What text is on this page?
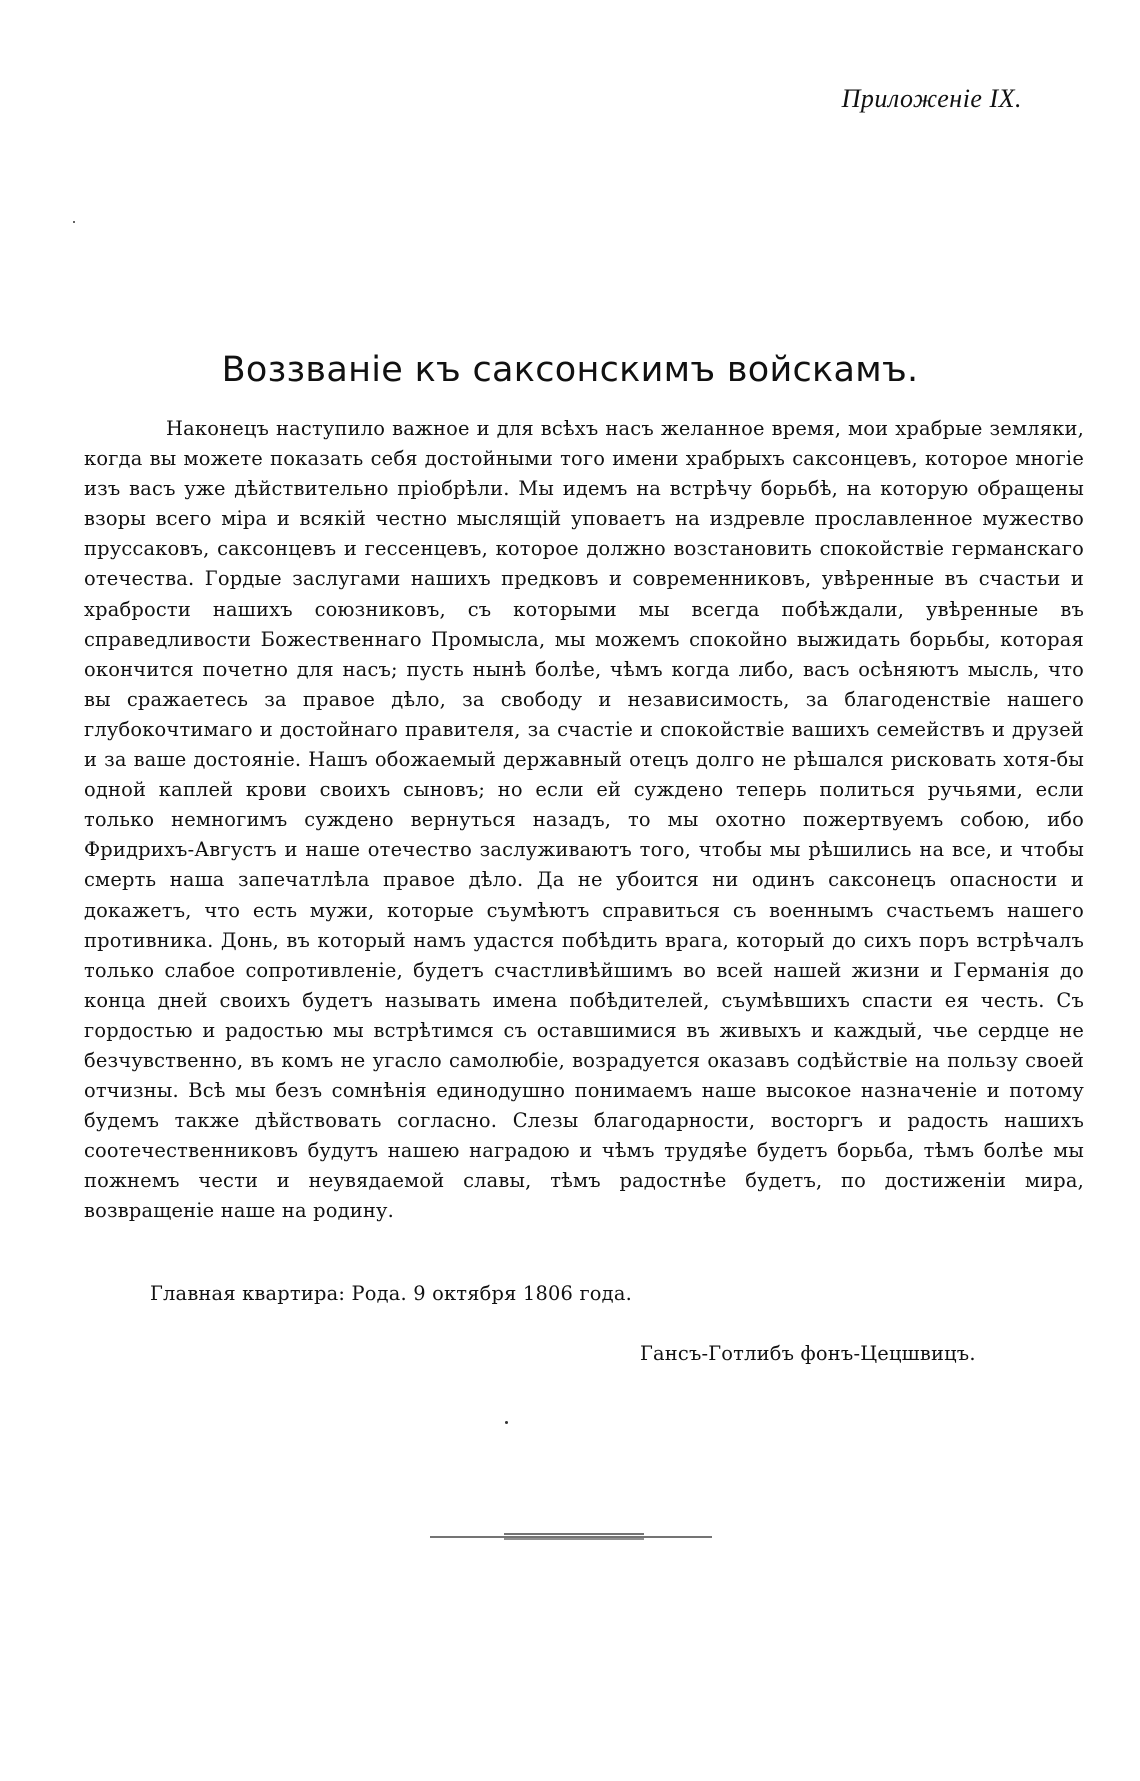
Приложеніе IX.
Воззваніе къ саксонскимъ войскамъ.

Наконецъ наступило важное и для всѣхъ насъ желанное время, мои храбрые земляки, когда вы можете показать себя достойными того имени храбрыхъ саксонцевъ, которое многіе изъ васъ уже дѣйствительно пріобрѣли. Мы идемъ на встрѣчу борьбѣ, на которую обращены взоры всего міра и всякій честно мыслящій уповаетъ на издревле прославленное мужество пруссаковъ, саксонцевъ и гессенцевъ, которое должно возстановить спокойствіе германскаго отечества. Гордые заслугами нашихъ предковъ и современниковъ, увѣренные въ счастьи и храбрости нашихъ союзниковъ, съ которыми мы всегда побѣждали, увѣренные въ справедливости Божественнаго Промысла, мы можемъ спокойно выжидать борьбы, которая окончится почетно для насъ; пусть нынѣ болѣе, чѣмъ когда либо, васъ осѣняютъ мысль, что вы сражаетесь за правое дѣло, за свободу и независимость, за благоденствіе нашего глубокочтимаго и достойнаго правителя, за счастіе и спокойствіе вашихъ семействъ и друзей и за ваше достояніе. Нашъ обожаемый державный отецъ долго не рѣшался рисковать хотя-бы одной каплей крови своихъ сыновъ; но если ей суждено теперь политься ручьями, если только немногимъ суждено вернуться назадъ, то мы охотно пожертвуемъ собою, ибо Фридрихъ-Августъ и наше отечество заслуживаютъ того, чтобы мы рѣшились на все, и чтобы смерть наша запечатлѣла правое дѣло. Да не убоится ни одинъ саксонецъ опасности и докажетъ, что есть мужи, которые съумѣютъ справиться съ военнымъ счастьемъ нашего противника. Донь, въ который намъ удастся побѣдить врага, который до сихъ поръ встрѣчалъ только слабое сопротивленіе, будетъ счастливѣйшимъ во всей нашей жизни и Германія до конца дней своихъ будетъ называть имена побѣдителей, съумѣвшихъ спасти ея честь. Съ гордостью и радостью мы встрѣтимся съ оставшимися въ живыхъ и каждый, чье сердце не безчувственно, въ комъ не угасло самолюбіе, возрадуется оказавъ содѣйствіе на пользу своей отчизны. Всѣ мы безъ сомнѣнія единодушно понимаемъ наше высокое назначеніе и потому будемъ также дѣйствовать согласно. Слезы благодарности, восторгъ и радость нашихъ соотечественниковъ будутъ нашею наградою и чѣмъ трудяѣе будетъ борьба, тѣмъ болѣе мы пожнемъ чести и неувядаемой славы, тѣмъ радостнѣе будетъ, по достиженіи мира, возвращеніе наше на родину.

Главная квартира: Рода. 9 октября 1806 года.
Гансъ-Готлибъ фонъ-Цецшвицъ.
